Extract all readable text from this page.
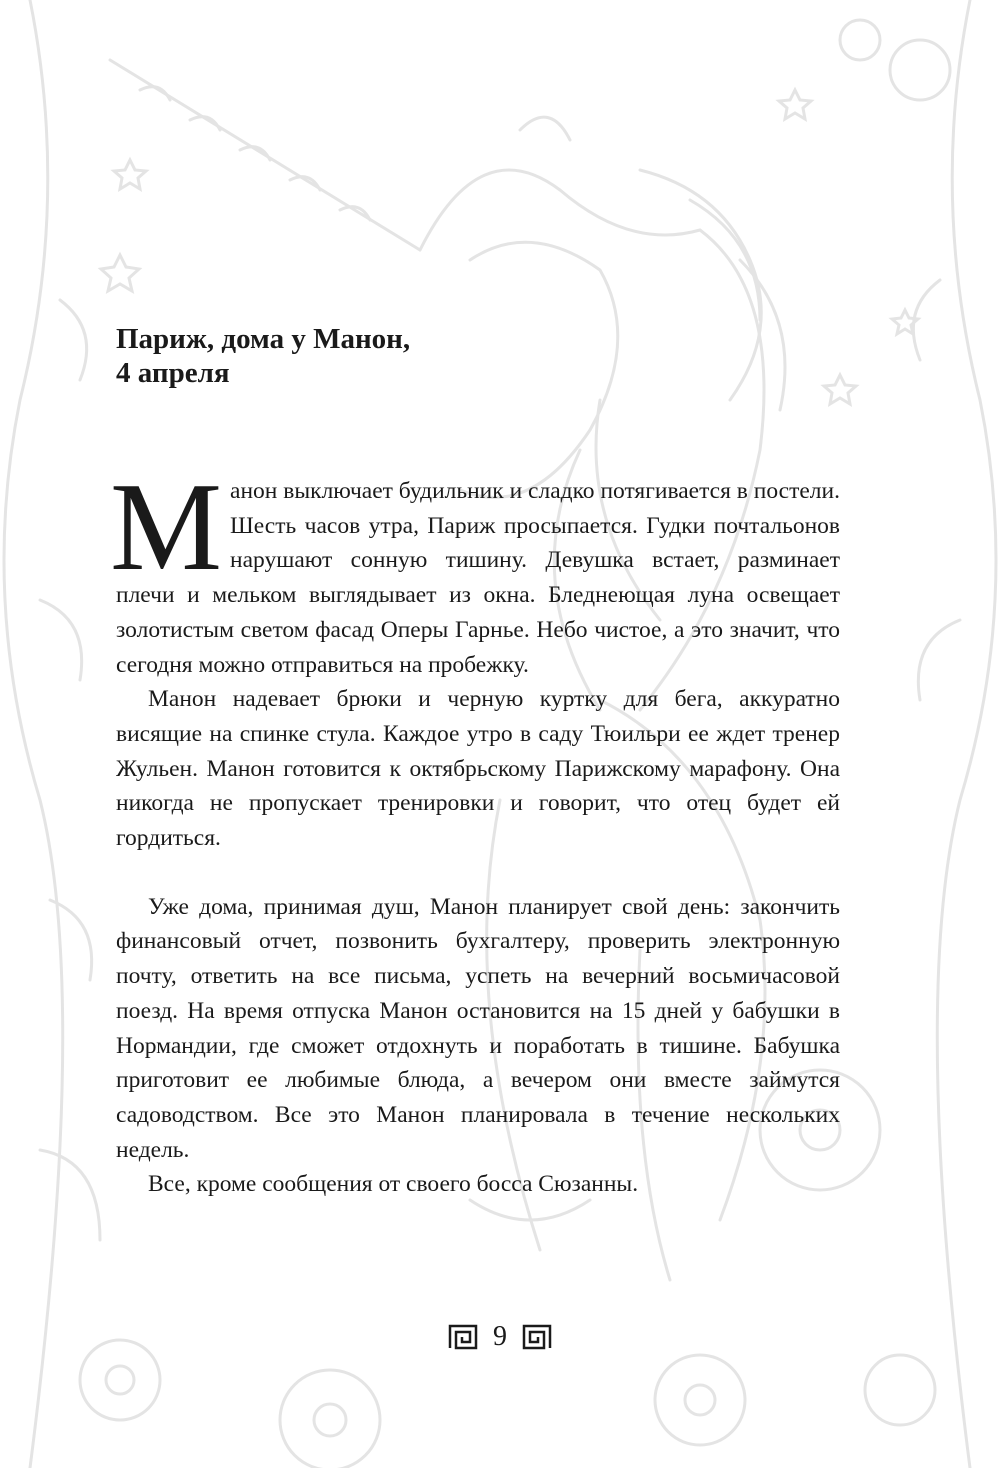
Париж, дома у Манон,
4 апреля

Манон выключает будильник и сладко потягивается в постели. Шесть часов утра, Париж просыпается. Гудки почтальонов нарушают сонную тишину. Девушка встает, разминает плечи и мельком выглядывает из окна. Бледнеющая луна освещает золотистым светом фасад Оперы Гарнье. Небо чистое, а это значит, что сегодня можно отправиться на пробежку.

Манон надевает брюки и черную куртку для бега, аккуратно висящие на спинке стула. Каждое утро в саду Тюильри ее ждет тренер Жульен. Манон готовится к октябрьскому Парижскому марафону. Она никогда не пропускает тренировки и говорит, что отец будет ей гордиться.

Уже дома, принимая душ, Манон планирует свой день: закончить финансовый отчет, позвонить бухгалтеру, проверить электронную почту, ответить на все письма, успеть на вечерний восьмичасовой поезд. На время отпуска Манон остановится на 15 дней у бабушки в Нормандии, где сможет отдохнуть и поработать в тишине. Бабушка приготовит ее любимые блюда, а вечером они вместе займутся садоводством. Все это Манон планировала в течение нескольких недель.

Все, кроме сообщения от своего босса Сюзанны.

9
